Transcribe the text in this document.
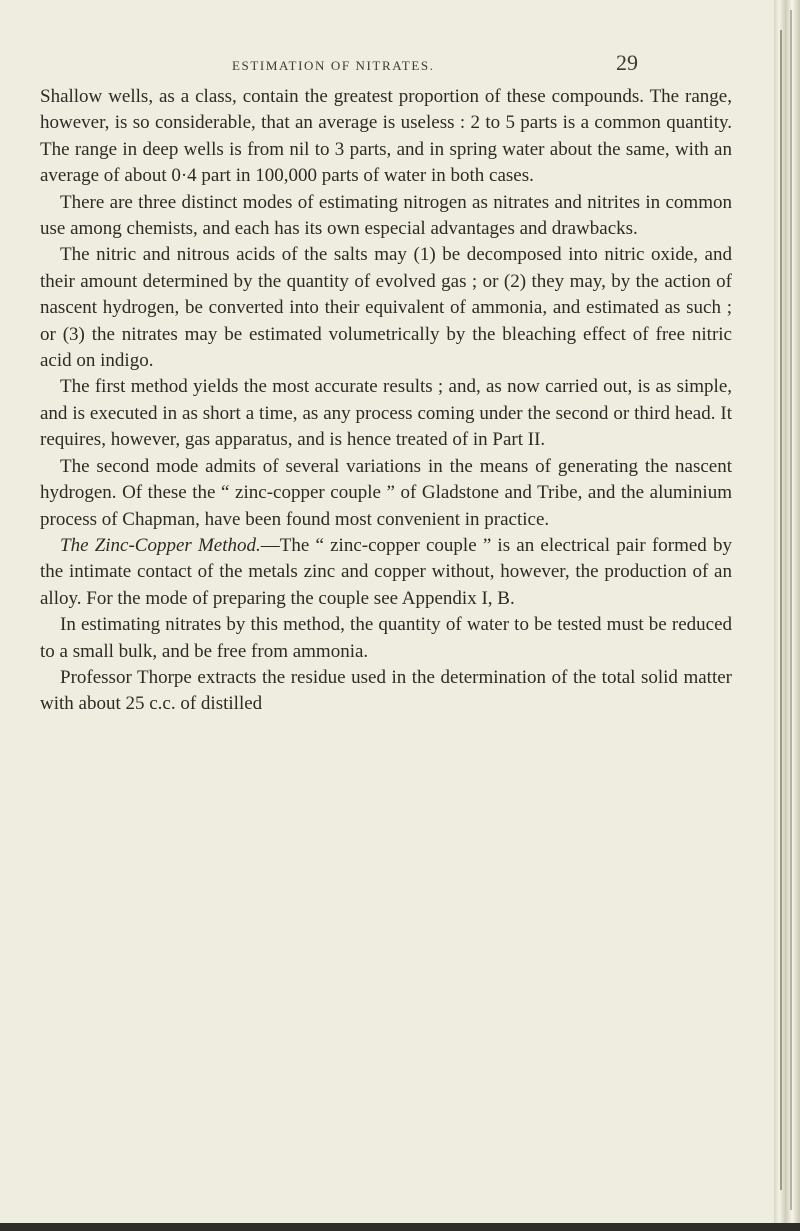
ESTIMATION OF NITRATES.	29

Shallow wells, as a class, contain the greatest proportion of these compounds. The range, however, is so considerable, that an average is useless : 2 to 5 parts is a common quantity. The range in deep wells is from nil to 3 parts, and in spring water about the same, with an average of about 0·4 part in 100,000 parts of water in both cases.

There are three distinct modes of estimating nitrogen as nitrates and nitrites in common use among chemists, and each has its own especial advantages and drawbacks.

The nitric and nitrous acids of the salts may (1) be decomposed into nitric oxide, and their amount determined by the quantity of evolved gas ; or (2) they may, by the action of nascent hydrogen, be converted into their equivalent of ammonia, and estimated as such ; or (3) the nitrates may be estimated volumetrically by the bleaching effect of free nitric acid on indigo.

The first method yields the most accurate results ; and, as now carried out, is as simple, and is executed in as short a time, as any process coming under the second or third head. It requires, however, gas apparatus, and is hence treated of in Part II.

The second mode admits of several variations in the means of generating the nascent hydrogen. Of these the “ zinc-copper couple ” of Gladstone and Tribe, and the aluminium process of Chapman, have been found most convenient in practice.

The Zinc-Copper Method.—The “ zinc-copper couple ” is an electrical pair formed by the intimate contact of the metals zinc and copper without, however, the production of an alloy. For the mode of preparing the couple see Appendix I, B.

In estimating nitrates by this method, the quantity of water to be tested must be reduced to a small bulk, and be free from ammonia.

Professor Thorpe extracts the residue used in the determination of the total solid matter with about 25 c.c. of distilled
